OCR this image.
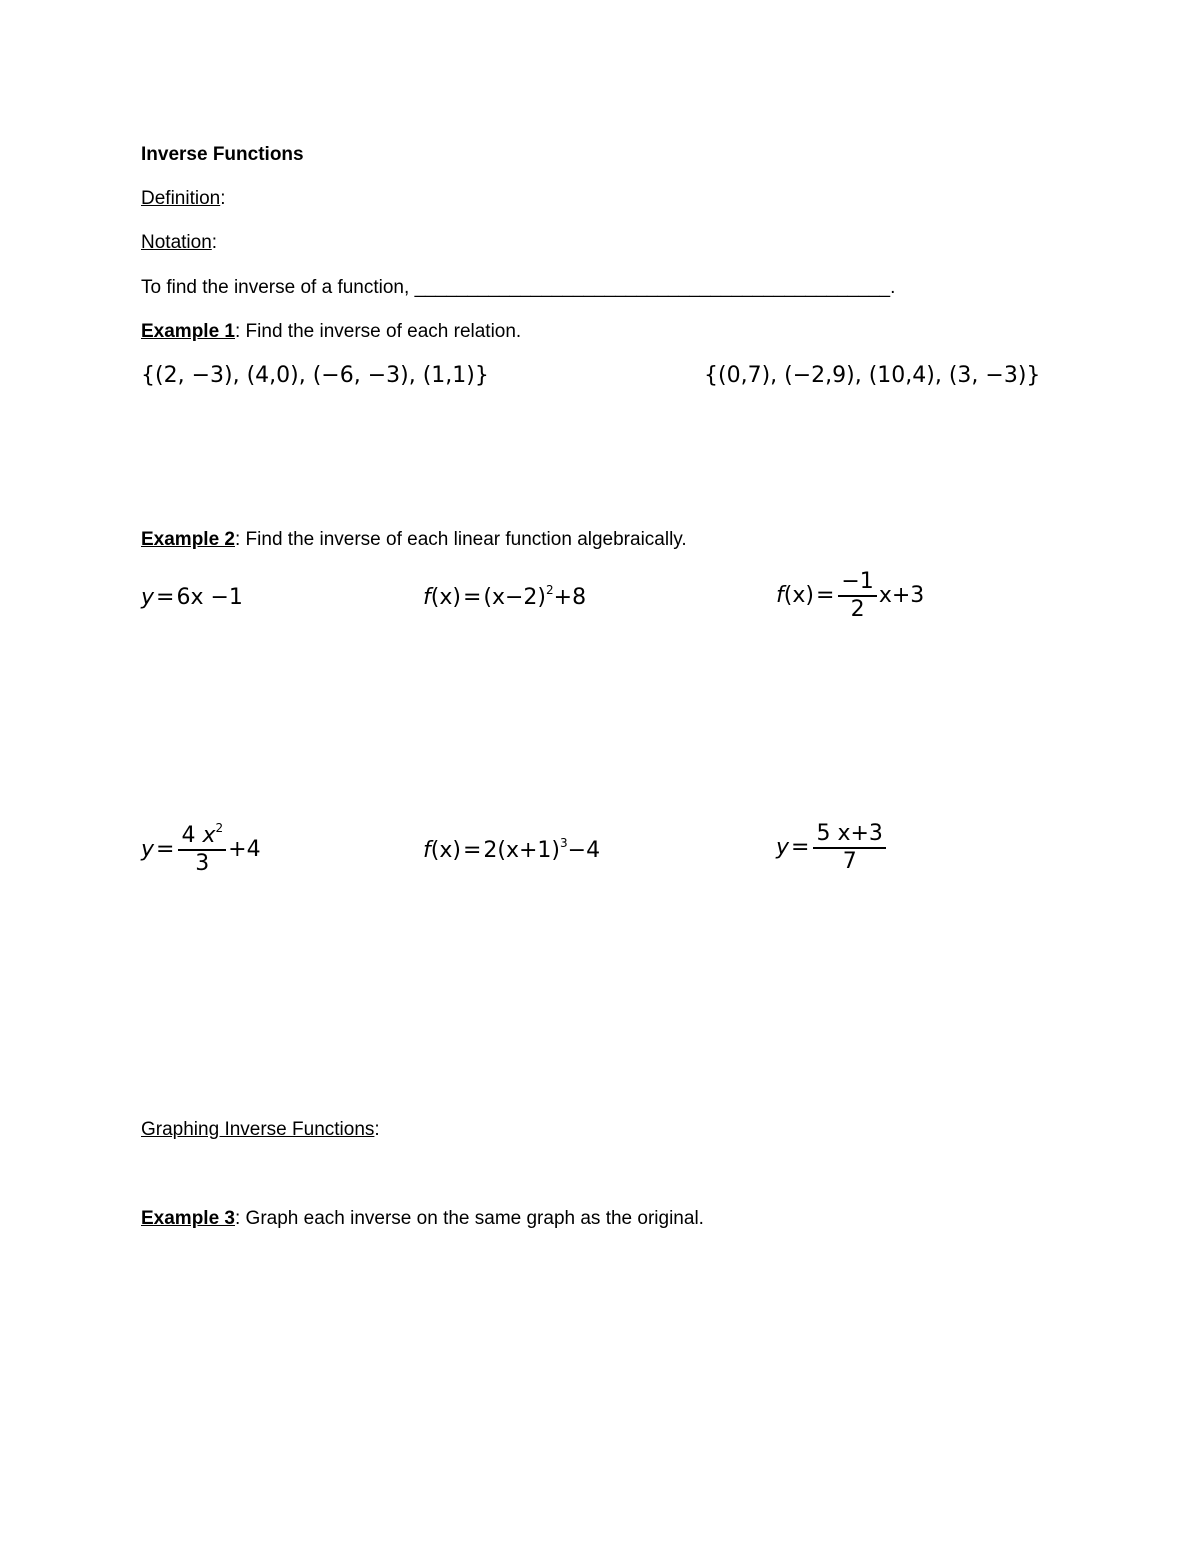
Inverse Functions
Definition:
Notation:
To find the inverse of a function, _____________________________________________.
Example 1: Find the inverse of each relation.
{(2, −3), (4,0), (−6, −3), (1,1)}	{(0,7), (−2,9), (10,4), (3, −3)}
Example 2: Find the inverse of each linear function algebraically.
y=6x −1	$f(x)=(x-2)^2+8$	$f(x)= \frac{-1}{2} x+3$
$y= \frac{4 x^2}{3} +4$	$f(x)=2(x+1)^3-4$	$y= \frac{5 x+3}{7}$
Graphing Inverse Functions:
Example 3: Graph each inverse on the same graph as the original.
